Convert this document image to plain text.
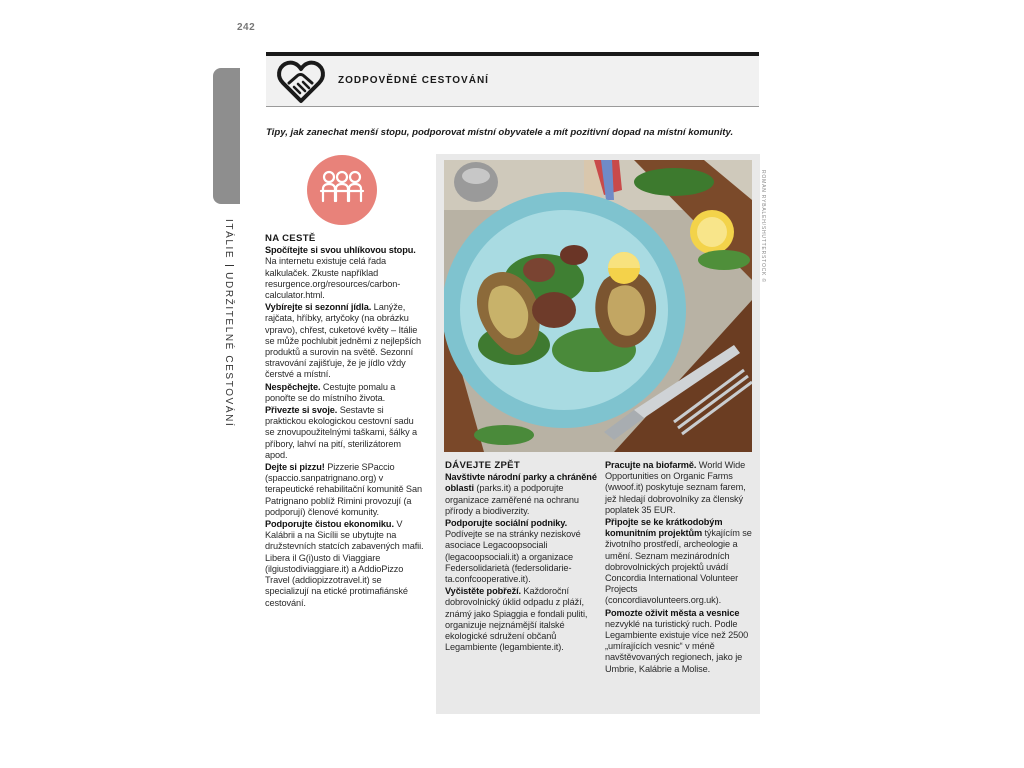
242
ITÁLIEUDRŽITELNÉ CESTOVÁNÍ
ZODPOVĚDNÉ CESTOVÁNÍ
Tipy, jak zanechat menší stopu, podporovat místní obyvatele a mít pozitivní dopad na místní komunity.
NA CESTĚ
Spočítejte si svou uhlíkovou stopu. Na internetu existuje celá řada kalkulaček. Zkuste například resurgence.org/resources/carbon-calculator.html.
Vybírejte si sezonní jídla. Lanýže, rajčata, hříbky, artyčoky (na obrázku vpravo), chřest, cuketové květy – Itálie se může pochlubit jedněmi z nejlepších produktů a surovin na světě. Sezonní stravování zajišťuje, že je jídlo vždy čerstvé a místní.
Nespěchejte. Cestujte pomalu a ponořte se do místního života.
Přivezte si svoje. Sestavte si praktickou ekologickou cestovní sadu se znovupoužitelnými taškami, šálky a příbory, lahví na pití, sterilizátorem apod.
Dejte si pizzu! Pizzerie SPaccio (spaccio.sanpatrignano.org) v terapeutické rehabilitační komunitě San Patrignano poblíž Rimini provozují (a podporují) členové komunity.
Podporujte čistou ekonomiku. V Kalábrii a na Sicílii se ubytujte na družstevních statcích zabavených mafii. Libera il G(i)usto di Viaggiare (ilgiustodiviaggiare.it) a AddioPizzo Travel (addiopizzotravel.it) se specializují na etické protimafiánské cestování.
ROMAN RYBALEH/SHUTTERSTOCK ©
DÁVEJTE ZPĚT
Navštivte národní parky a chráněné oblasti (parks.it) a podporujte organizace zaměřené na ochranu přírody a biodiverzity.
Podporujte sociální podniky. Podívejte se na stránky neziskové asociace Legacoopsociali (legacoopsociali.it) a organizace Federsolidarietà (federsolidarieta.confcooperative.it).
Vyčistěte pobřeží. Každoroční dobrovolnický úklid odpadu z pláží, známý jako Spiaggia e fondali puliti, organizuje nejznámější italské ekologické sdružení občanů Legambiente (legambiente.it).
Pracujte na biofarmě. World Wide Opportunities on Organic Farms (wwoof.it) poskytuje seznam farem, jež hledají dobrovolníky za členský poplatek 35 EUR.
Připojte se ke krátkodobým komunitním projektům týkajícím se životního prostředí, archeologie a umění. Seznam mezinárodních dobrovolnických projektů uvádí Concordia International Volunteer Projects (concordiavolunteers.org.uk).
Pomozte oživit města a vesnice nezvyklé na turistický ruch. Podle Legambiente existuje více než 2500 „umírajících vesnic“ v méně navštěvovaných regionech, jako je Umbrie, Kalábrie a Molise.
